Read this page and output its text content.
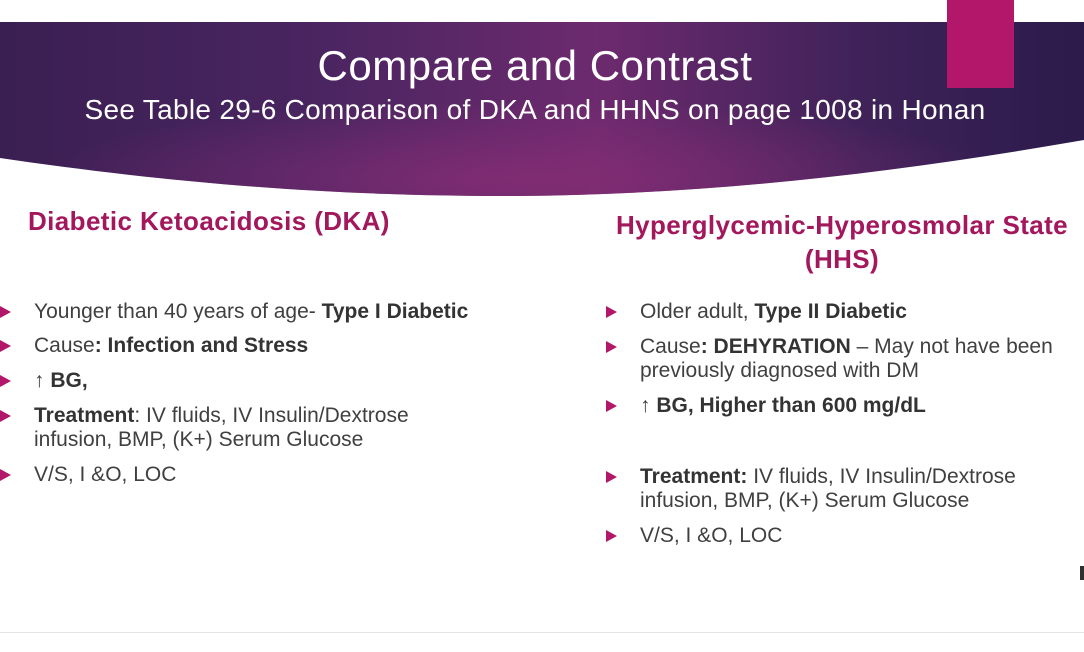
Compare and Contrast
See Table 29-6 Comparison of DKA and HHNS on page 1008 in Honan
Diabetic Ketoacidosis (DKA)	Hyperglycemic-Hyperosmolar State (HHS)
Younger than 40 years of age- Type I Diabetic
Cause: Infection and Stress
↑ BG,
Treatment: IV fluids, IV Insulin/Dextrose infusion, BMP, (K+) Serum Glucose
V/S, I &O, LOC
Older adult, Type II Diabetic
Cause: DEHYRATION – May not have been previously diagnosed with DM
↑ BG, Higher than 600 mg/dL
Treatment: IV fluids, IV Insulin/Dextrose infusion, BMP, (K+) Serum Glucose
V/S, I &O, LOC
